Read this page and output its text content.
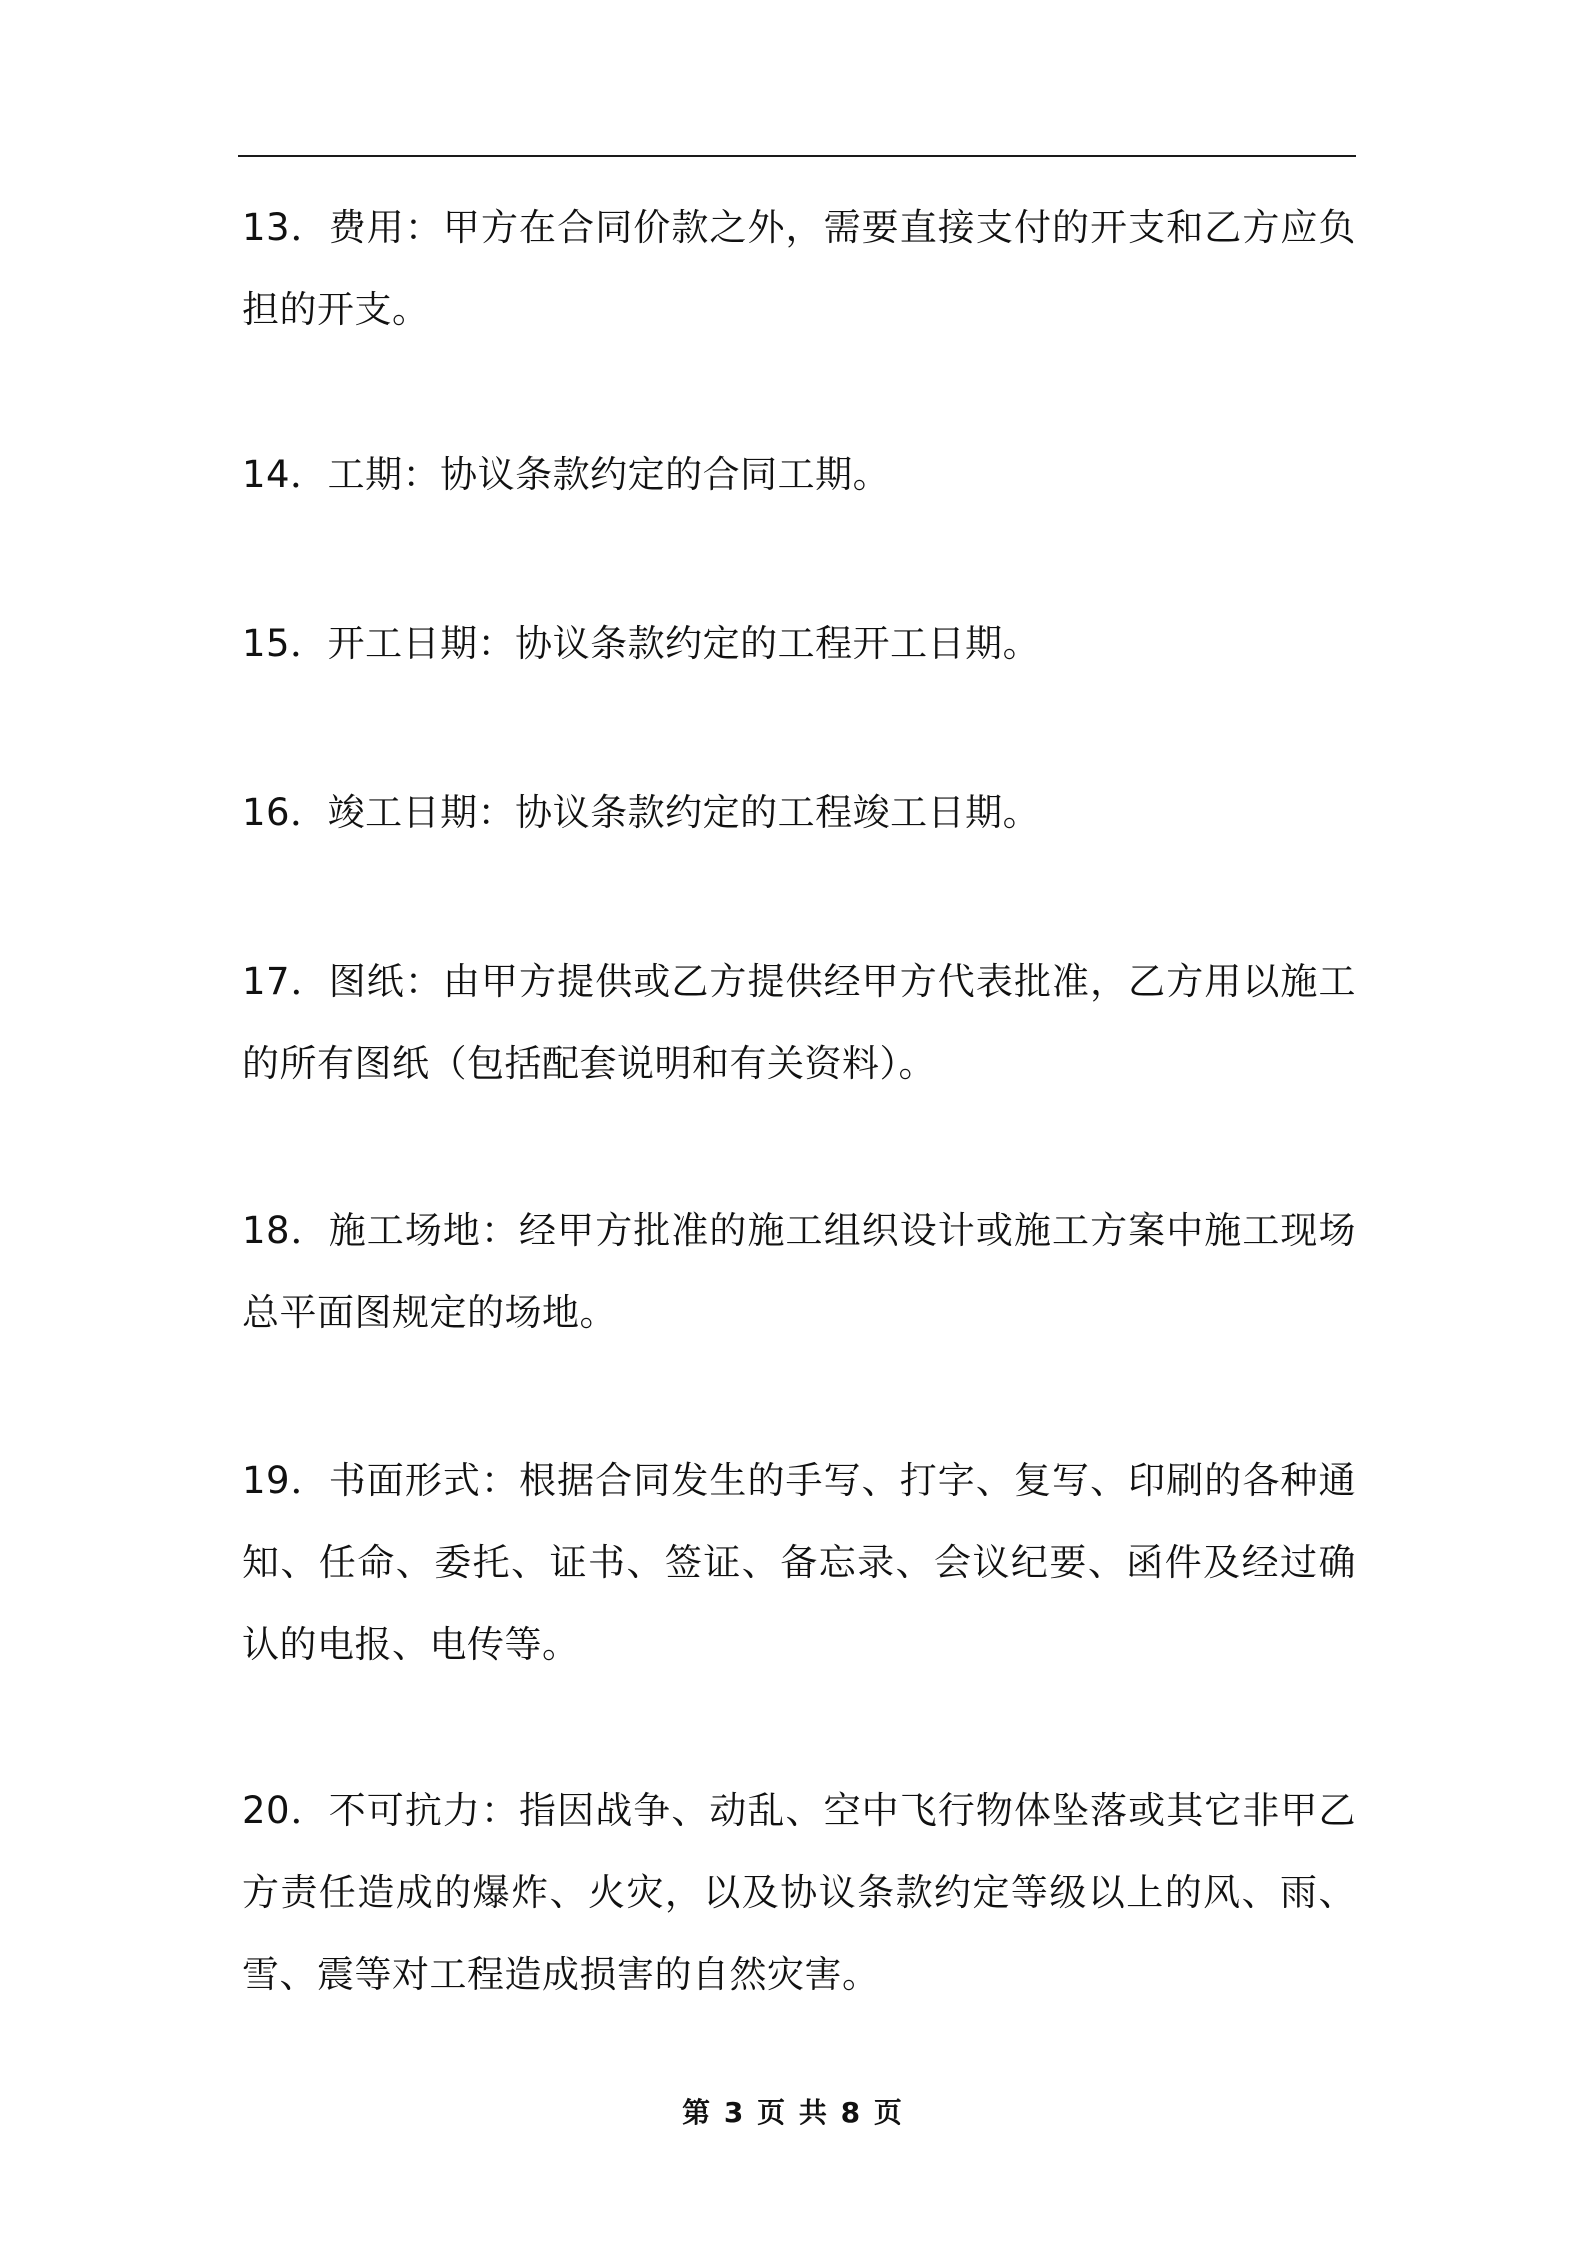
13．费用：甲方在合同价款之外，需要直接支付的开支和乙方应负担的开支。

14．工期：协议条款约定的合同工期。

15．开工日期：协议条款约定的工程开工日期。

16．竣工日期：协议条款约定的工程竣工日期。

17．图纸：由甲方提供或乙方提供经甲方代表批准，乙方用以施工的所有图纸（包括配套说明和有关资料）。

18．施工场地：经甲方批准的施工组织设计或施工方案中施工现场总平面图规定的场地。

19．书面形式：根据合同发生的手写、打字、复写、印刷的各种通知、任命、委托、证书、签证、备忘录、会议纪要、函件及经过确认的电报、电传等。

20．不可抗力：指因战争、动乱、空中飞行物体坠落或其它非甲乙方责任造成的爆炸、火灾，以及协议条款约定等级以上的风、雨、雪、震等对工程造成损害的自然灾害。

第 3 页 共 8 页
